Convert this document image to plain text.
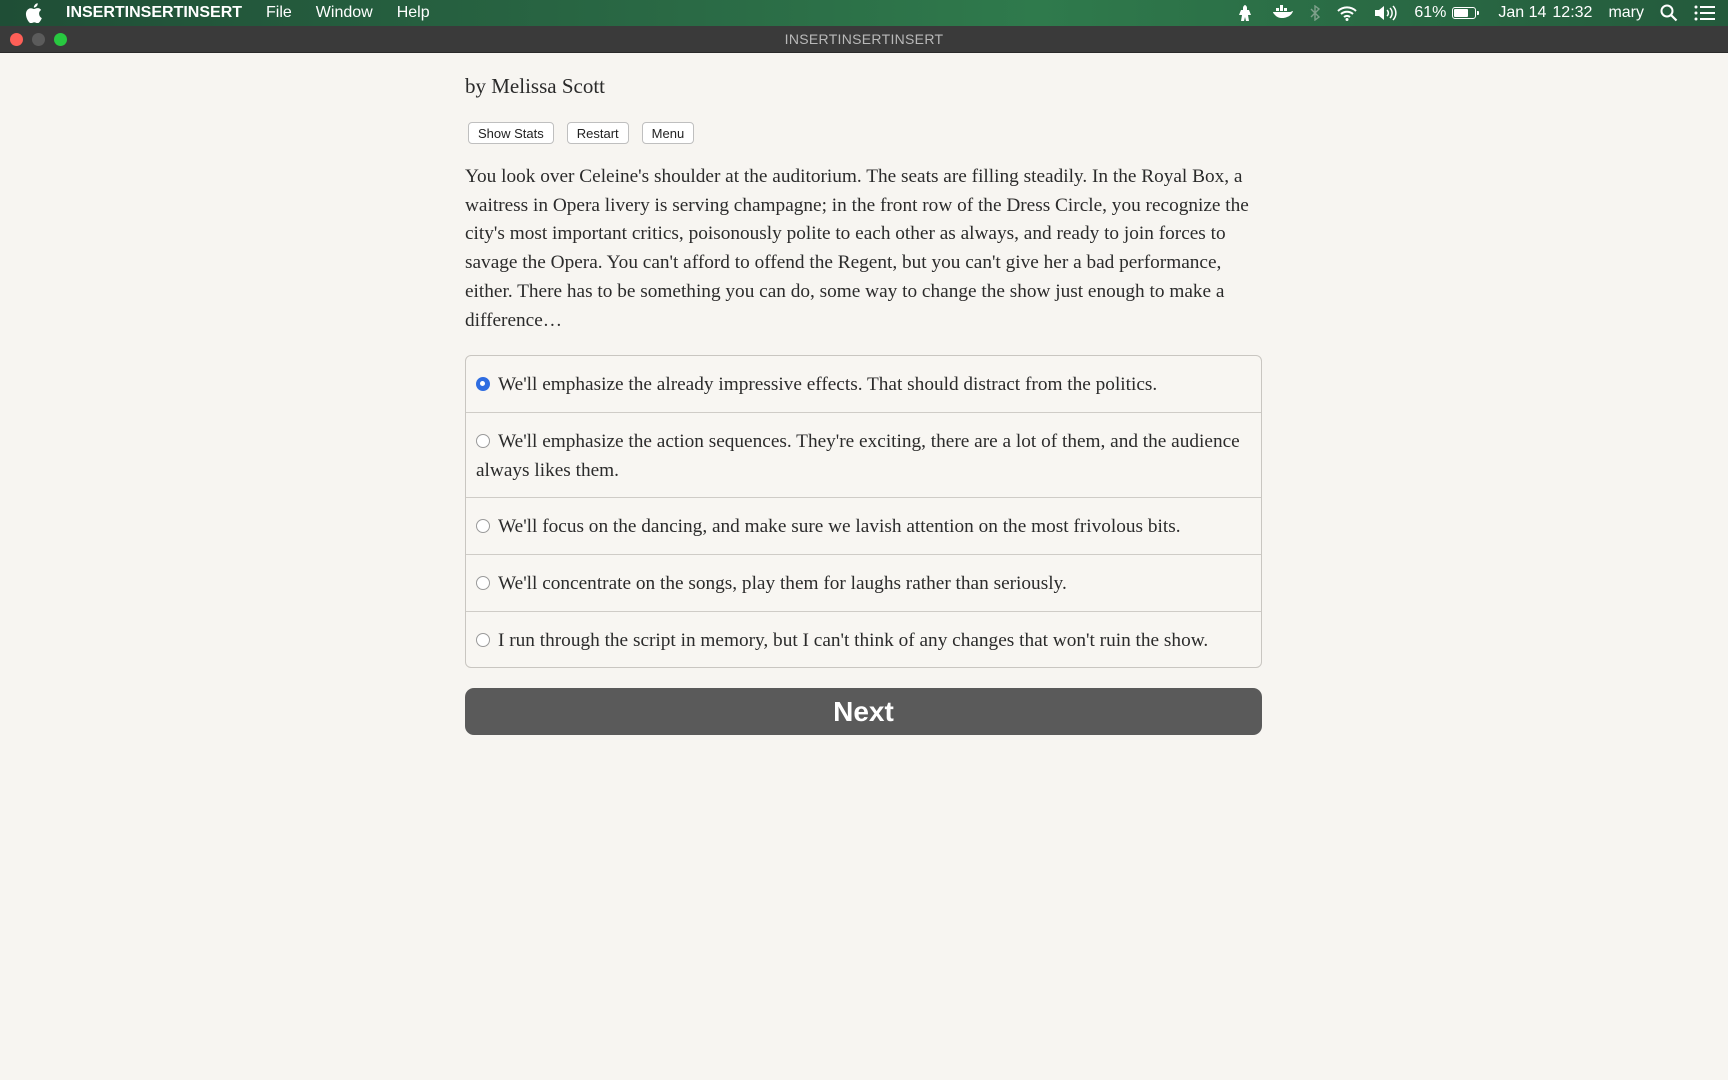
INSERTINSERTINSERT File Window Help	61%	Jan 14 12:32 mary
INSERTINSERTINSERT
by Melissa Scott
Show Stats	Restart	Menu
You look over Celeine's shoulder at the auditorium. The seats are filling steadily. In the Royal Box, a waitress in Opera livery is serving champagne; in the front row of the Dress Circle, you recognize the city's most important critics, poisonously polite to each other as always, and ready to join forces to savage the Opera. You can't afford to offend the Regent, but you can't give her a bad performance, either. There has to be something you can do, some way to change the show just enough to make a difference…
We'll emphasize the already impressive effects. That should distract from the politics.
We'll emphasize the action sequences. They're exciting, there are a lot of them, and the audience always likes them.
We'll focus on the dancing, and make sure we lavish attention on the most frivolous bits.
We'll concentrate on the songs, play them for laughs rather than seriously.
I run through the script in memory, but I can't think of any changes that won't ruin the show.
Next
